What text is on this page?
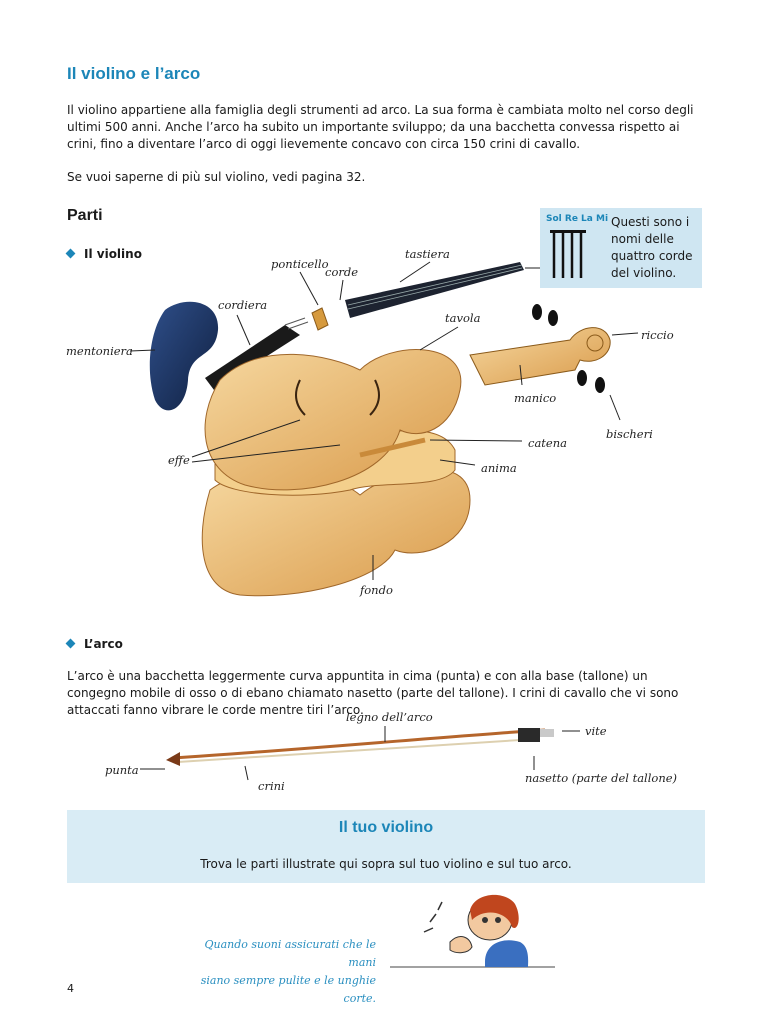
Il violino e l’arco
Il violino appartiene alla famiglia degli strumenti ad arco. La sua forma è cambiata molto nel corso degli ultimi 500 anni. Anche l’arco ha subito un importante sviluppo; da una bacchetta convessa rispetto ai crini, fino a diventare l’arco di oggi lievemente concavo con circa 150 crini di cavallo.
Se vuoi saperne di più sul violino, vedi pagina 32.
Parti
Il violino
Sol Re La Mi Questi sono i nomi delle quattro corde del violino.
ponticello
corde
tastiera
cordiera
tavola
riccio
mentoniera
manico
bischeri
catena
effe
anima
fondo
L’arco
L’arco è una bacchetta leggermente curva appuntita in cima (punta) e con alla base (tallone) un congegno mobile di osso o di ebano chiamato nasetto (parte del tallone). I crini di cavallo che vi sono attaccati fanno vibrare le corde mentre tiri l’arco.
legno dell’arco
vite
punta
crini
nasetto (parte del tallone)
Il tuo violino
Trova le parti illustrate qui sopra sul tuo violino e sul tuo arco.
Quando suoni assicurati che le mani
siano sempre pulite e le unghie corte.
4
